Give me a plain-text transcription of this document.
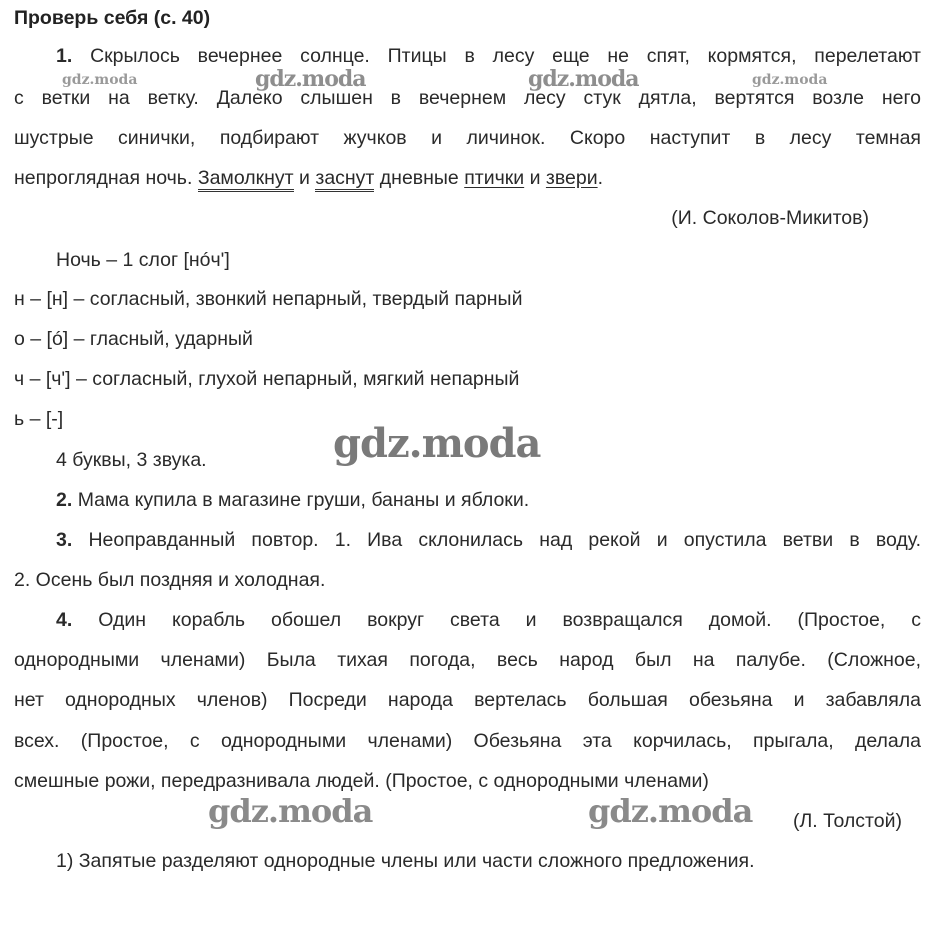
Проверь себя (с. 40)
1. Скрылось вечернее солнце. Птицы в лесу еще не спят, кормятся, перелетают
с ветки на ветку. Далеко слышен в вечернем лесу стук дятла, вертятся возле него
шустрые синички, подбирают жучков и личинок. Скоро наступит в лесу темная
непроглядная ночь. Замолкнут и заснут дневные птички и звери.
(И. Соколов-Микитов)
Ночь – 1 слог [нóч']
н – [н] – согласный, звонкий непарный, твердый парный
о – [ó] – гласный, ударный
ч – [ч'] – согласный, глухой непарный, мягкий непарный
ь – [-]
4 буквы, 3 звука.
2. Мама купила в магазине груши, бананы и яблоки.
3. Неоправданный повтор. 1. Ива склонилась над рекой и опустила ветви в воду.
2. Осень был поздняя и холодная.
4. Один корабль обошел вокруг света и возвращался домой. (Простое, с
однородными членами) Была тихая погода, весь народ был на палубе. (Сложное,
нет однородных членов) Посреди народа вертелась большая обезьяна и забавляла
всех. (Простое, с однородными членами) Обезьяна эта корчилась, прыгала, делала
смешные рожи, передразнивала людей. (Простое, с однородными членами)
(Л. Толстой)
1) Запятые разделяют однородные члены или части сложного предложения.
gdz.moda	gdz.moda	gdz.moda	gdz.moda
gdz.moda
gdz.moda	gdz.moda
